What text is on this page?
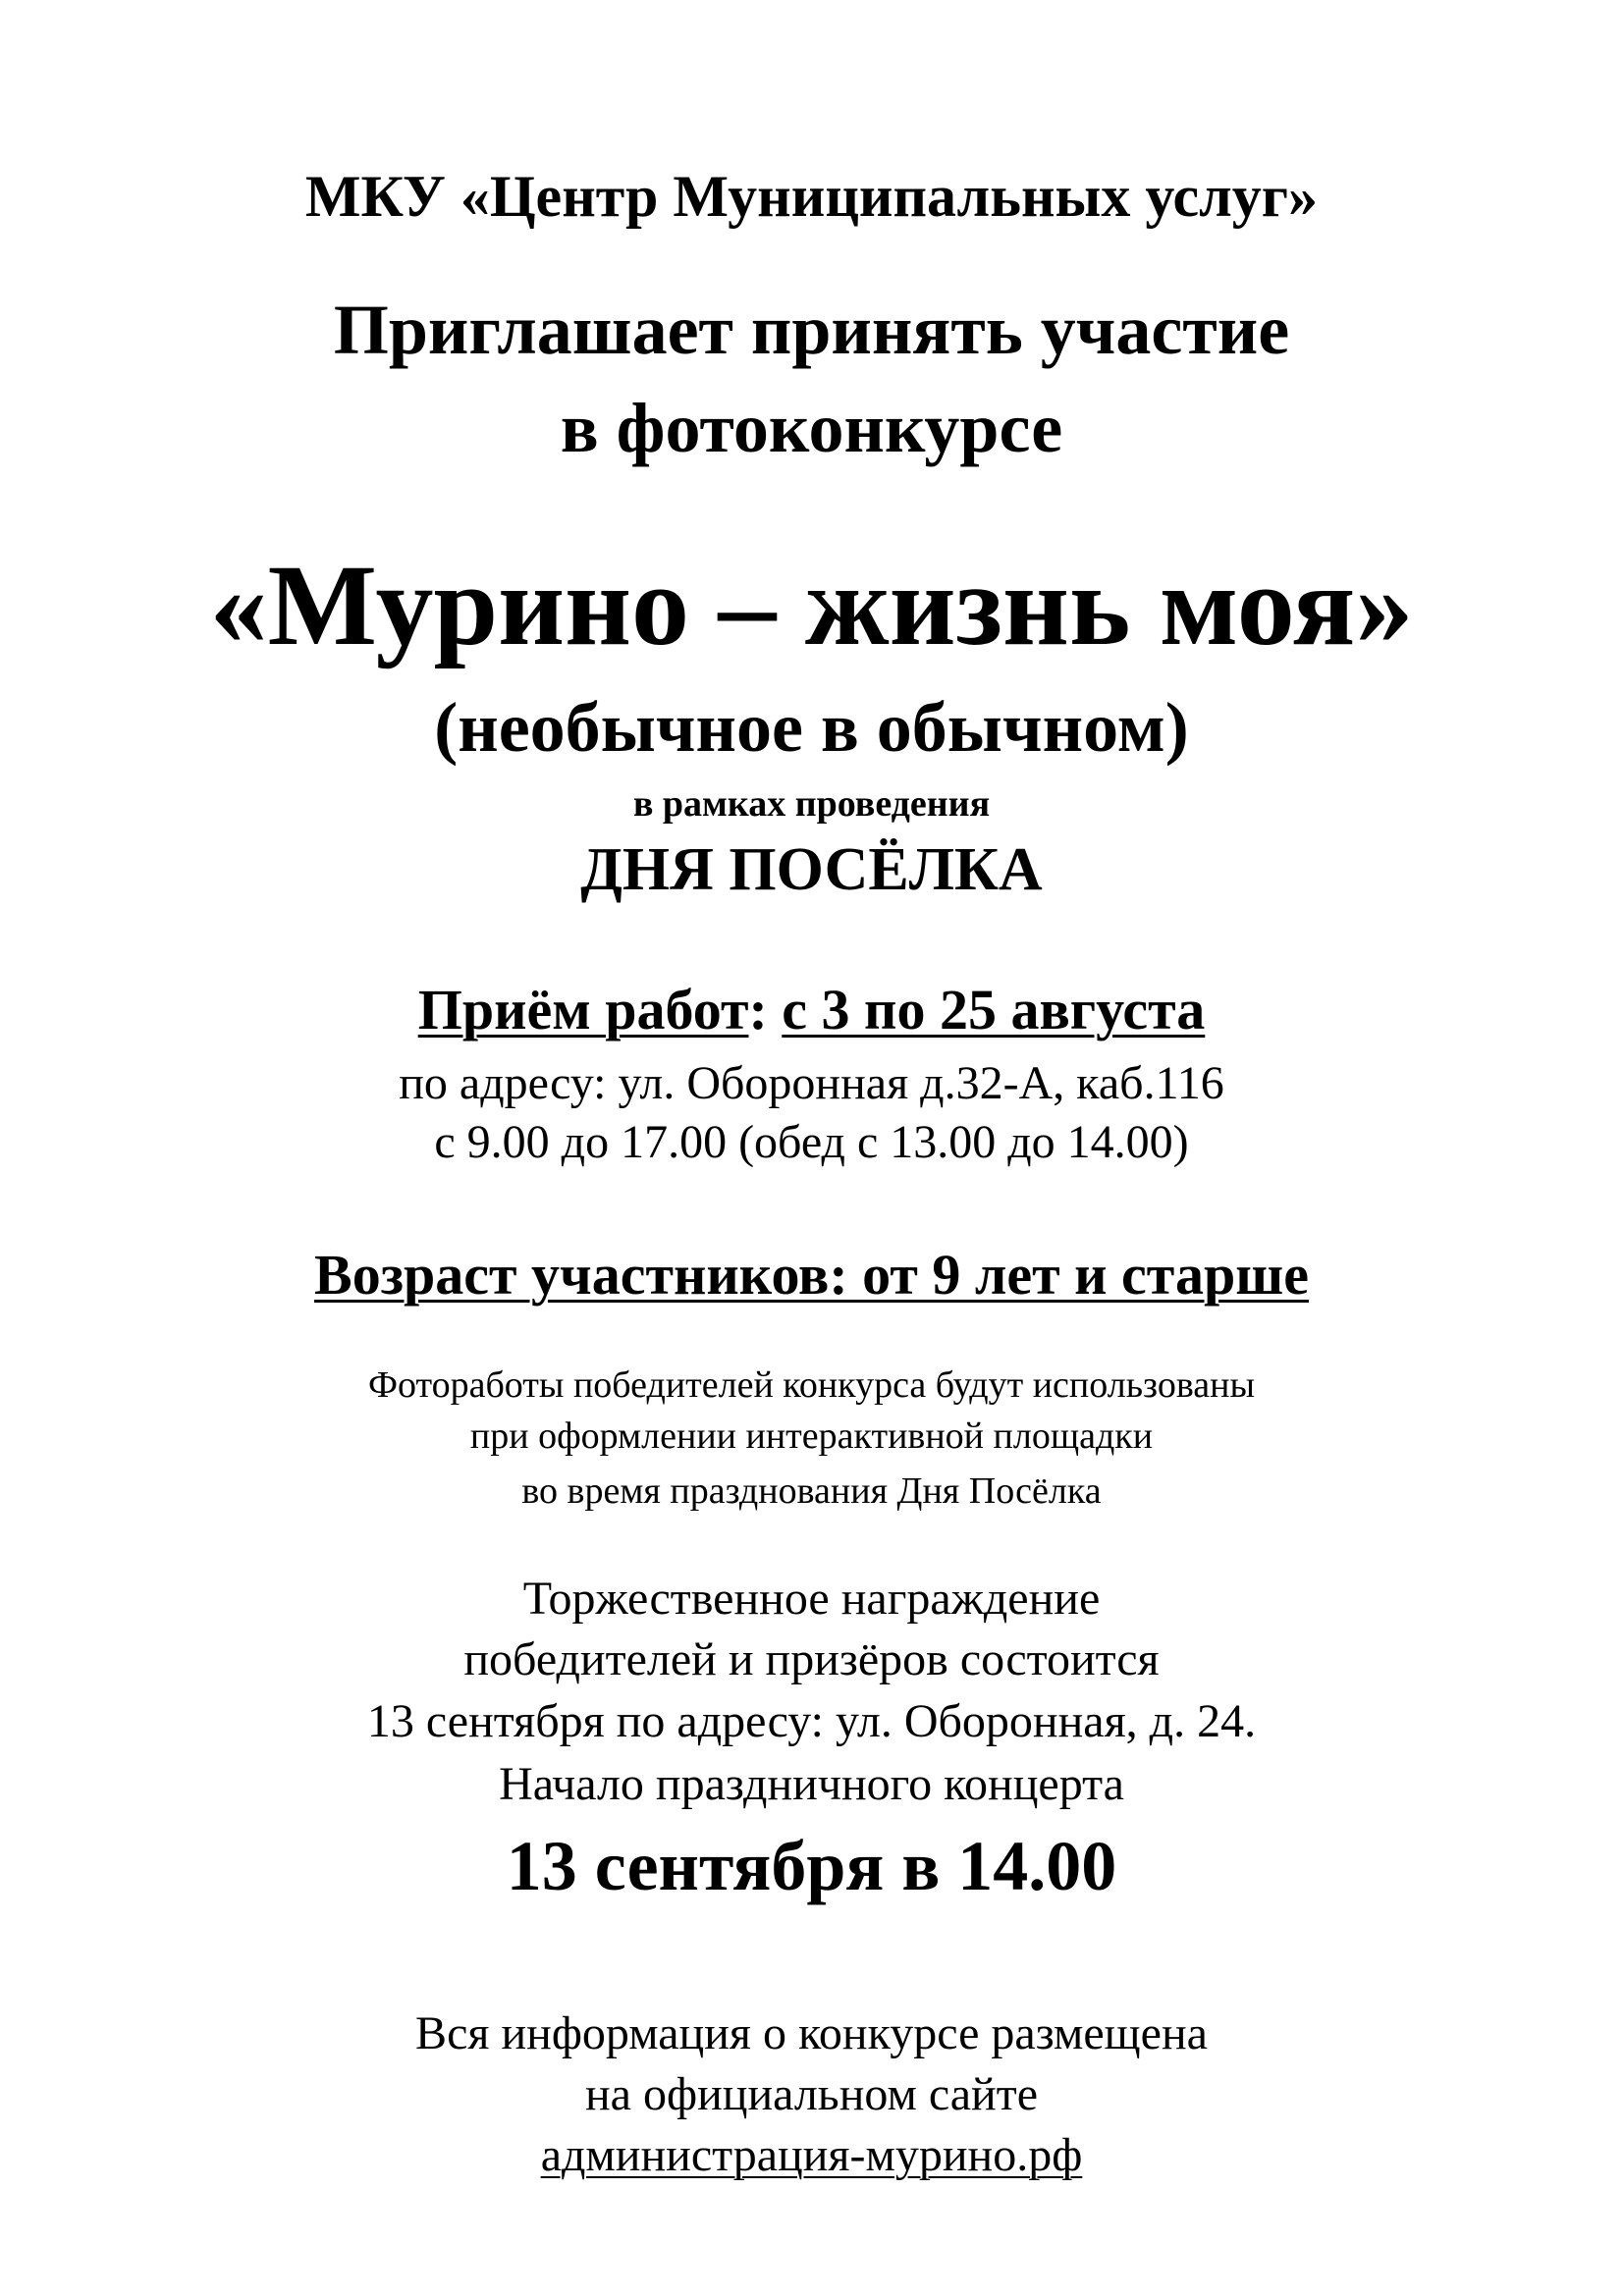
МКУ «Центр Муниципальных услуг»
Приглашает принять участие
в фотоконкурсе
«Мурино – жизнь моя»
(необычное в обычном)
в рамках проведения
ДНЯ ПОСЁЛКА
Приём работ: с 3 по 25 августа
по адресу: ул. Оборонная д.32-А, каб.116
с 9.00 до 17.00 (обед с 13.00 до 14.00)
Возраст участников: от 9 лет и старше
Фотоработы победителей конкурса будут использованы
при оформлении интерактивной площадки
во время празднования Дня Посёлка
Торжественное награждение
победителей и призёров состоится
13 сентября по адресу: ул. Оборонная, д. 24.
Начало праздничного концерта
13 сентября в 14.00
Вся информация о конкурсе размещена
на официальном сайте
администрация-мурино.рф
